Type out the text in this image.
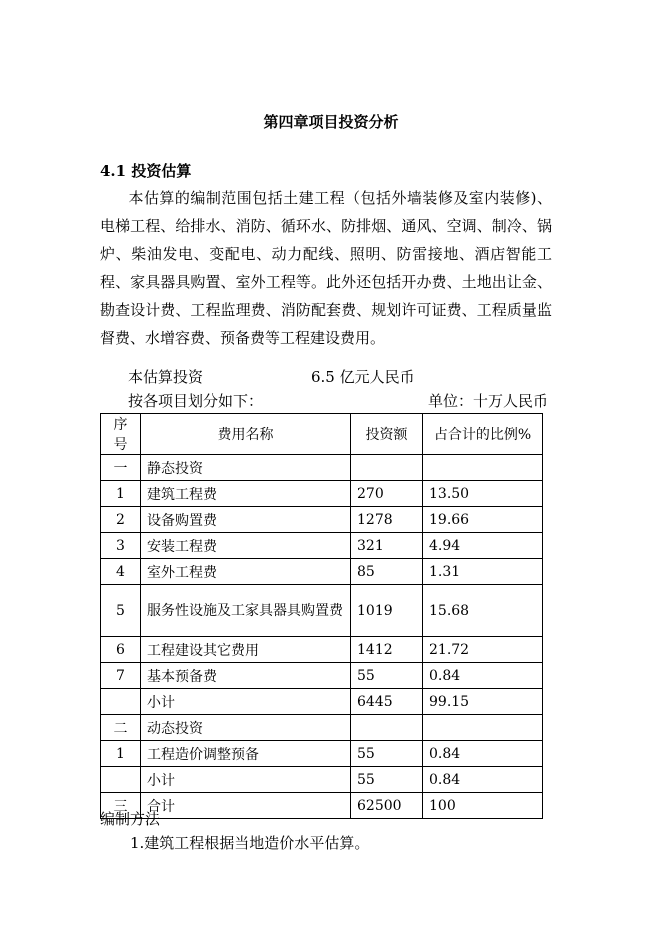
第四章项目投资分析
4.1 投资估算
本估算的编制范围包括土建工程（包括外墙装修及室内装修)、电梯工程、给排水、消防、循环水、防排烟、通风、空调、制冷、锅炉、柴油发电、变配电、动力配线、照明、防雷接地、酒店智能工程、家具器具购置、室外工程等。此外还包括开办费、土地出让金、勘查设计费、工程监理费、消防配套费、规划许可证费、工程质量监督费、水增容费、预备费等工程建设费用。
本估算投资	6.5 亿元人民币
按各项目划分如下：	单位：十万人民币
序号	费用名称	投资额	占合计的比例%
一	静态投资		
1	建筑工程费	270	13.50
2	设备购置费	1278	19.66
3	安装工程费	321	4.94
4	室外工程费	85	1.31
5	服务性设施及工家具器具购置费	1019	15.68
6	工程建设其它费用	1412	21.72
7	基本预备费	55	0.84
	小计	6445	99.15
二	动态投资		
1	工程造价调整预备	55	0.84
	小计	55	0.84
三	合计	62500	100
编制方法
1.建筑工程根据当地造价水平估算。
